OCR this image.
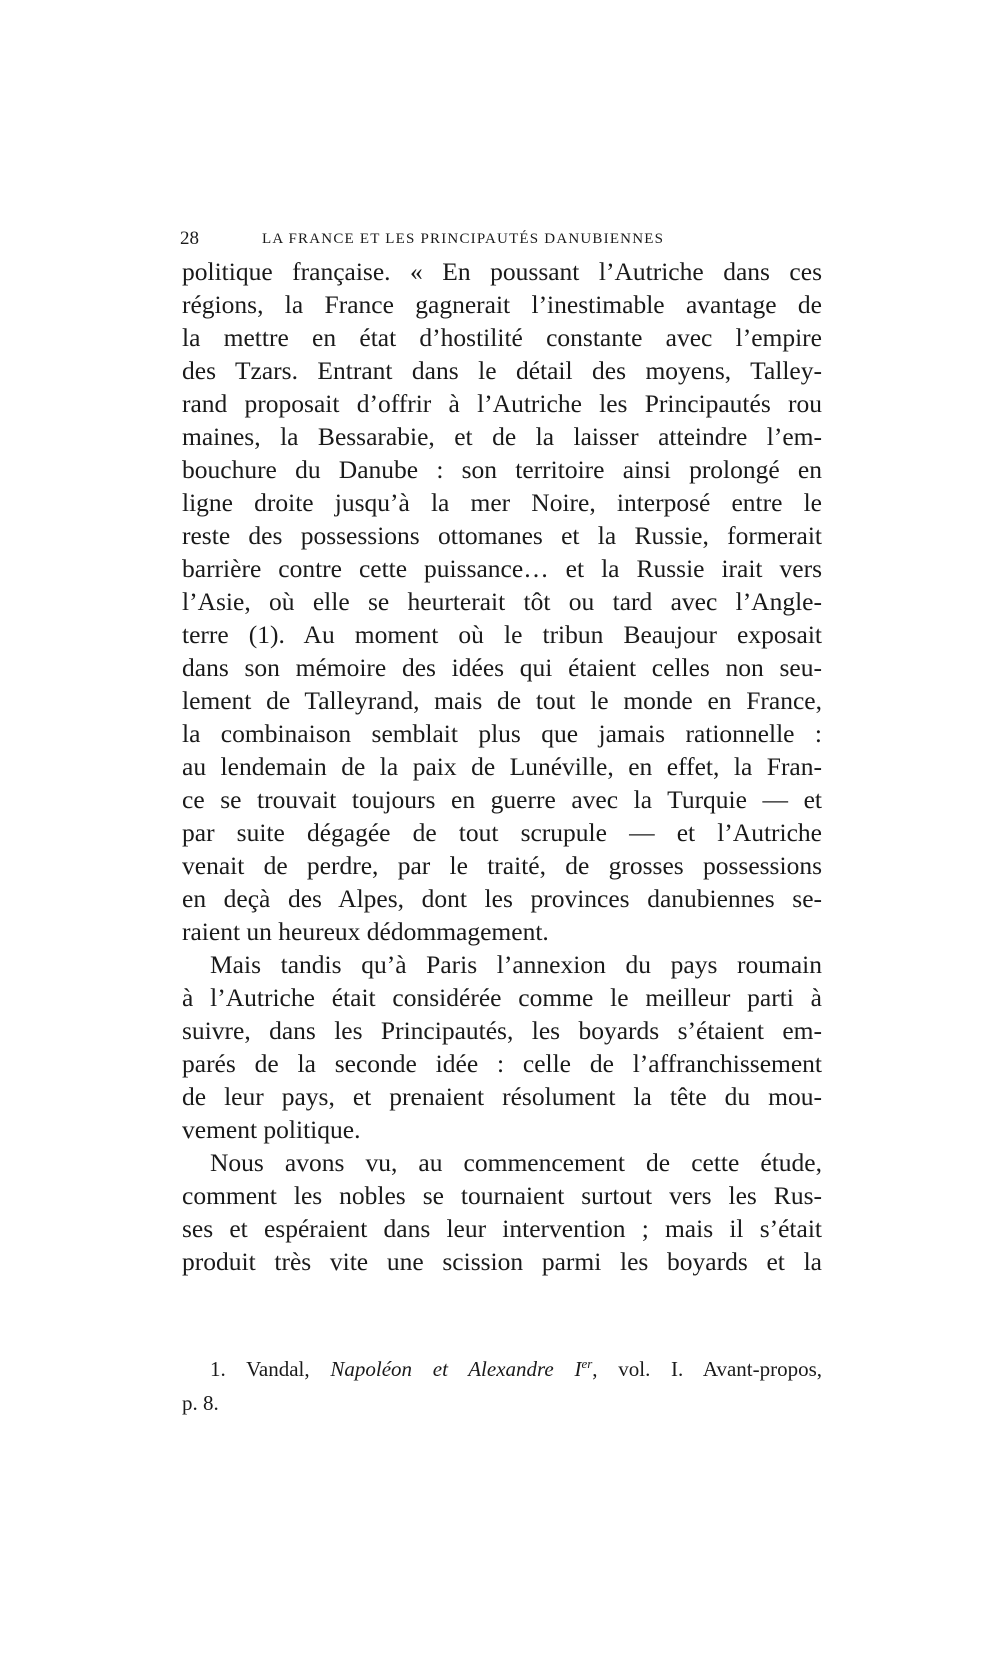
28	LA FRANCE ET LES PRINCIPAUTÉS DANUBIENNES
politique française. « En poussant l’Autriche dans ces
régions, la France gagnerait l’inestimable avantage de
la mettre en état d’hostilité constante avec l’empire
des Tzars. Entrant dans le détail des moyens, Talley-
rand proposait d’offrir à l’Autriche les Principautés rou
maines, la Bessarabie, et de la laisser atteindre l’em-
bouchure du Danube : son territoire ainsi prolongé en
ligne droite jusqu’à la mer Noire, interposé entre le
reste des possessions ottomanes et la Russie, formerait
barrière contre cette puissance… et la Russie irait vers
l’Asie, où elle se heurterait tôt ou tard avec l’Angle-
terre (1). Au moment où le tribun Beaujour exposait
dans son mémoire des idées qui étaient celles non seu-
lement de Talleyrand, mais de tout le monde en France,
la combinaison semblait plus que jamais rationnelle :
au lendemain de la paix de Lunéville, en effet, la Fran-
ce se trouvait toujours en guerre avec la Turquie — et
par suite dégagée de tout scrupule — et l’Autriche
venait de perdre, par le traité, de grosses possessions
en deçà des Alpes, dont les provinces danubiennes se-
raient un heureux dédommagement.
Mais tandis qu’à Paris l’annexion du pays roumain
à l’Autriche était considérée comme le meilleur parti à
suivre, dans les Principautés, les boyards s’étaient em-
parés de la seconde idée : celle de l’affranchissement
de leur pays, et prenaient résolument la tête du mou-
vement politique.
Nous avons vu, au commencement de cette étude,
comment les nobles se tournaient surtout vers les Rus-
ses et espéraient dans leur intervention ; mais il s’était
produit très vite une scission parmi les boyards et la
1. Vandal, Napoléon et Alexandre Ier, vol. I. Avant-propos,
p. 8.
